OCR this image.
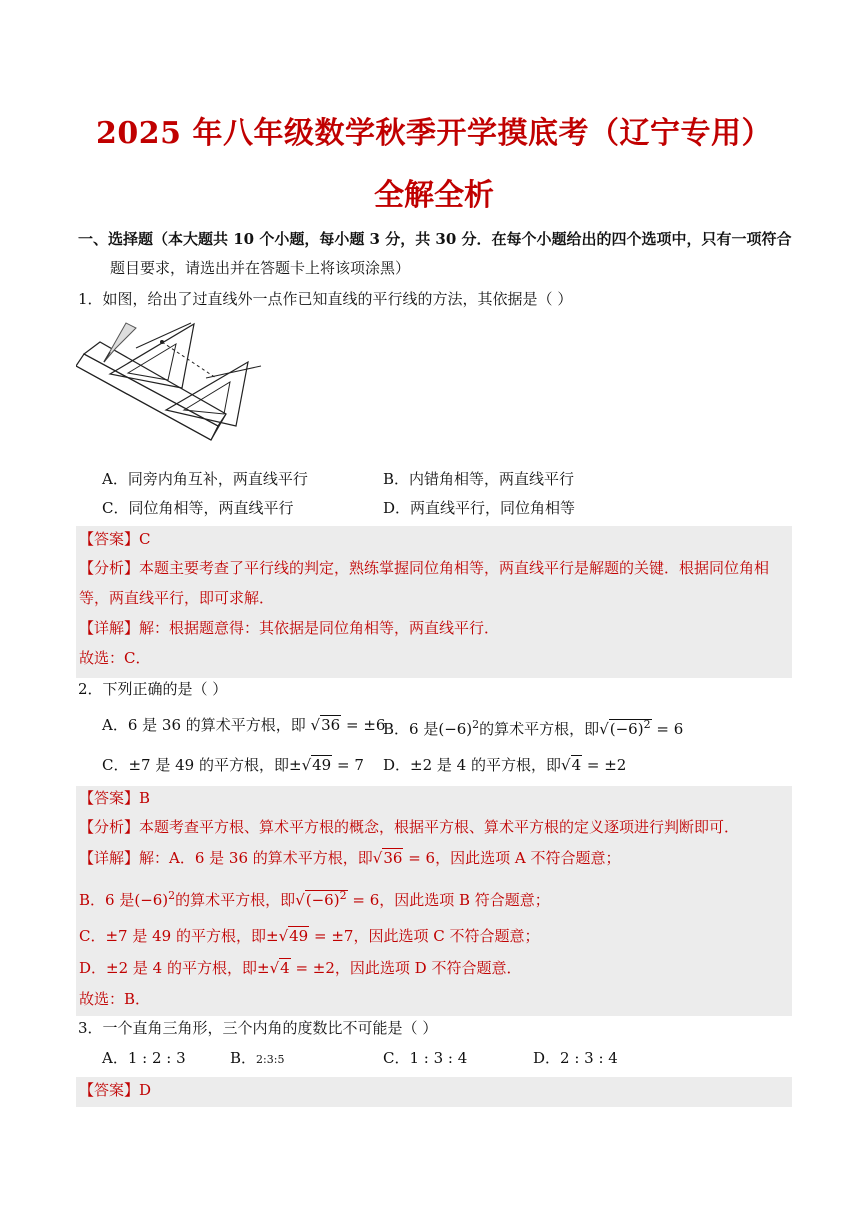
2025 年八年级数学秋季开学摸底考（辽宁专用）
全解全析
一、选择题（本大题共 10 个小题，每小题 3 分，共 30 分．在每个小题给出的四个选项中，只有一项符合
题目要求，请选出并在答题卡上将该项涂黑）
1．如图，给出了过直线外一点作已知直线的平行线的方法，其依据是（ ）
A．同旁内角互补，两直线平行	B．内错角相等，两直线平行
C．同位角相等，两直线平行	D．两直线平行，同位角相等
【答案】C
【分析】本题主要考查了平行线的判定，熟练掌握同位角相等，两直线平行是解题的关键．根据同位角相
等，两直线平行，即可求解．
【详解】解：根据题意得：其依据是同位角相等，两直线平行．
故选：C．
2．下列正确的是（ ）
A．6 是 36 的算术平方根，即 √36 = ±6
B．6 是$(-6)^2$的算术平方根，即$√(-6)^2 = 6$
C．±7 是 49 的平方根，即±√49 = 7 D．±2 是 4 的平方根，即√4 = ±2
【答案】B
【分析】本题考查平方根、算术平方根的概念，根据平方根、算术平方根的定义逐项进行判断即可．
【详解】解：A．6 是 36 的算术平方根，即√36 = 6，因此选项 A 不符合题意；
B．6 是$(-6)^2$的算术平方根，即$√(-6)^2 = 6$，因此选项 B 符合题意；
C．±7 是 49 的平方根，即±√49 = ±7，因此选项 C 不符合题意；
D．±2 是 4 的平方根，即±√4 = ±2，因此选项 D 不符合题意．
故选：B．
3．一个直角三角形，三个内角的度数比不可能是（ ）
A．1 : 2 : 3	B．2:3:5	C．1 : 3 : 4	D．2 : 3 : 4
【答案】D
